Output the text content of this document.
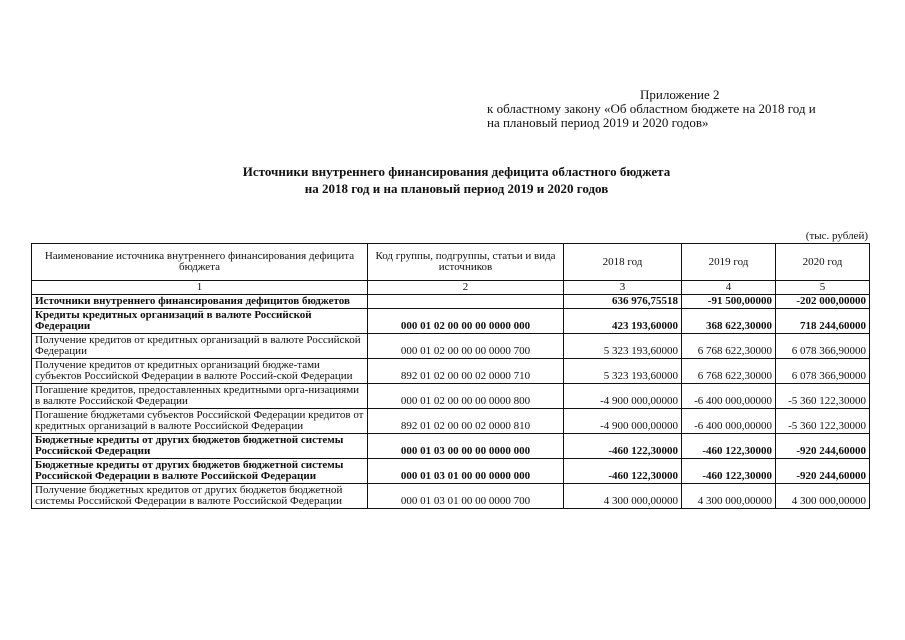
Приложение 2
к областному закону «Об областном бюджете на 2018 год и
на плановый период 2019 и 2020 годов»
Источники внутреннего финансирования дефицита областного бюджета
на 2018 год и на плановый период 2019 и 2020 годов
(тыс. рублей)
Наименование источника внутреннего финансирования дефицита бюджета	Код группы, подгруппы, статьи и вида источников	2018 год	2019 год	2020 год
1	2	3	4	5
Источники внутреннего финансирования дефицитов бюджетов		636 976,75518	-91 500,00000	-202 000,00000
Кредиты кредитных организаций в валюте Российской Федерации	000 01 02 00 00 00 0000 000	423 193,60000	368 622,30000	718 244,60000
Получение кредитов от кредитных организаций в валюте Российской Федерации	000 01 02 00 00 00 0000 700	5 323 193,60000	6 768 622,30000	6 078 366,90000
Получение кредитов от кредитных организаций бюдже-тами субъектов Российской Федерации в валюте Россий-ской Федерации	892 01 02 00 00 02 0000 710	5 323 193,60000	6 768 622,30000	6 078 366,90000
Погашение кредитов, предоставленных кредитными орга-низациями в валюте Российской Федерации	000 01 02 00 00 00 0000 800	-4 900 000,00000	-6 400 000,00000	-5 360 122,30000
Погашение бюджетами субъектов Российской Федерации кредитов от кредитных организаций в валюте Российской Федерации	892 01 02 00 00 02 0000 810	-4 900 000,00000	-6 400 000,00000	-5 360 122,30000
Бюджетные кредиты от других бюджетов бюджетной системы Российской Федерации	000 01 03 00 00 00 0000 000	-460 122,30000	-460 122,30000	-920 244,60000
Бюджетные кредиты от других бюджетов бюджетной системы Российской Федерации в валюте Российской Федерации	000 01 03 01 00 00 0000 000	-460 122,30000	-460 122,30000	-920 244,60000
Получение бюджетных кредитов от других бюджетов бюджетной системы Российской Федерации в валюте Российской Федерации	000 01 03 01 00 00 0000 700	4 300 000,00000	4 300 000,00000	4 300 000,00000
